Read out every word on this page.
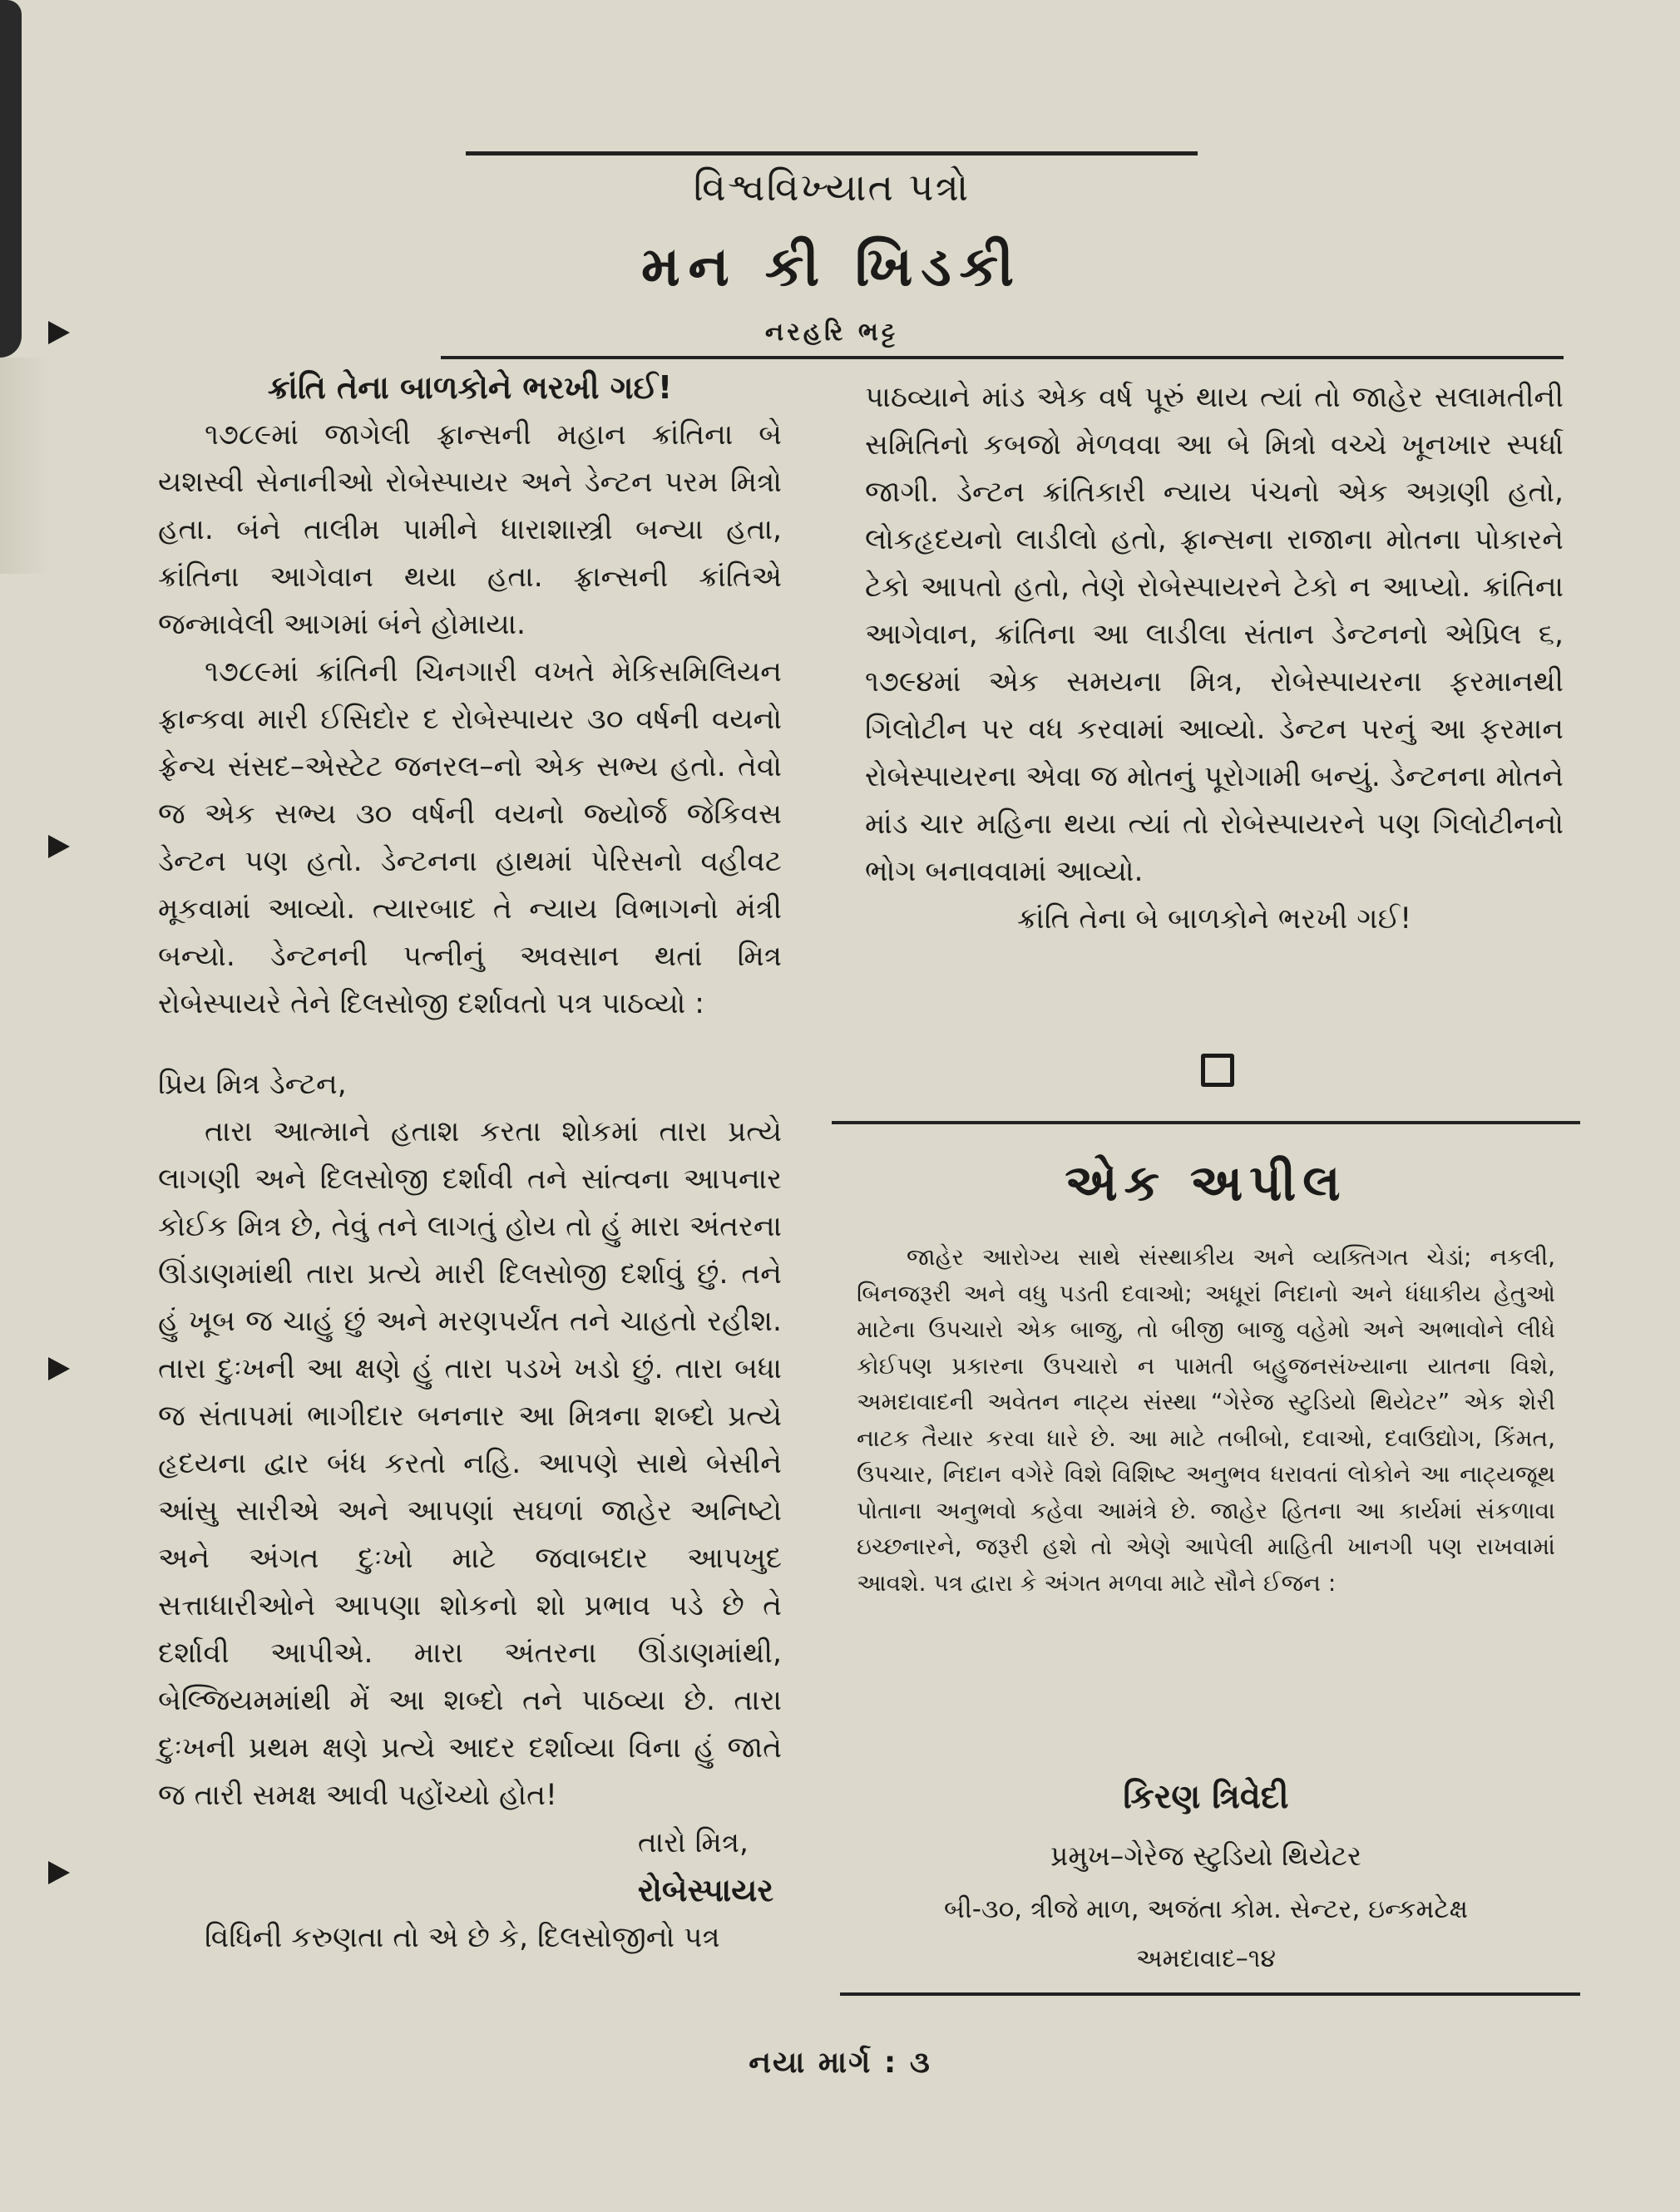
વિશ્વવિખ્યાત પત્રો
મન કી ખિડકી
નરહરિ ભટ્ટ

ક્રાંતિ તેના બાળકોને ભરખી ગઈ!

૧૭૮૯માં જાગેલી ફ્રાન્સની મહાન ક્રાંતિના બે યશસ્વી સેનાનીઓ રોબેસ્પાયર અને ડેન્ટન પરમ મિત્રો હતા. બંને તાલીમ પામીને ધારાશાસ્ત્રી બન્યા હતા, ક્રાંતિના આગેવાન થયા હતા. ફ્રાન્સની ક્રાંતિએ જન્માવેલી આગમાં બંને હોમાયા.

૧૭૮૯માં ક્રાંતિની ચિનગારી વખતે મેકિસમિલિયન ફ્રાન્કવા મારી ઈસિદોર દ રોબેસ્પાયર ૩૦ વર્ષની વયનો ફ્રેન્ચ સંસદ–એસ્ટેટ જનરલ–નો એક સભ્ય હતો. તેવો જ એક સભ્ય ૩૦ વર્ષની વયનો જ્યોર્જ જેકિવસ ડેન્ટન પણ હતો. ડેન્ટનના હાથમાં પેરિસનો વહીવટ મૂકવામાં આવ્યો. ત્યારબાદ તે ન્યાય વિભાગનો મંત્રી બન્યો. ડેન્ટનની પત્નીનું અવસાન થતાં મિત્ર રોબેસ્પાયરે તેને દિલસોજી દર્શાવતો પત્ર પાઠવ્યો :

પ્રિય મિત્ર ડેન્ટન,

તારા આત્માને હતાશ કરતા શોકમાં તારા પ્રત્યે લાગણી અને દિલસોજી દર્શાવી તને સાંત્વના આપનાર કોઈક મિત્ર છે, તેવું તને લાગતું હોય તો હું મારા અંતરના ઊંડાણમાંથી તારા પ્રત્યે મારી દિલસોજી દર્શાવું છું. તને હું ખૂબ જ ચાહું છું અને મરણપર્યંત તને ચાહતો રહીશ. તારા દુઃખની આ ક્ષણે હું તારા પડખે ખડો છું. તારા બધા જ સંતાપમાં ભાગીદાર બનનાર આ મિત્રના શબ્દો પ્રત્યે હૃદયના દ્વાર બંધ કરતો નહિ. આપણે સાથે બેસીને આંસુ સારીએ અને આપણાં સઘળાં જાહેર અનિષ્ટો અને અંગત દુઃખો માટે જવાબદાર આપખુદ સત્તાધારીઓને આપણા શોકનો શો પ્રભાવ પડે છે તે દર્શાવી આપીએ. મારા અંતરના ઊંડાણમાંથી, બેલ્જિયમમાંથી મેં આ શબ્દો તને પાઠવ્યા છે. તારા દુઃખની પ્રથમ ક્ષણે પ્રત્યે આદર દર્શાવ્યા વિના હું જાતે જ તારી સમક્ષ આવી પહોંચ્યો હોત!

તારો મિત્ર,

રોબેસ્પાયર

વિધિની કરુણતા તો એ છે કે, દિલસોજીનો પત્ર

પાઠવ્યાને માંડ એક વર્ષ પૂરું થાય ત્યાં તો જાહેર સલામતીની સમિતિનો કબજો મેળવવા આ બે મિત્રો વચ્ચે ખૂનખાર સ્પર્ધા જાગી. ડેન્ટન ક્રાંતિકારી ન્યાય પંચનો એક અગ્રણી હતો, લોકહૃદયનો લાડીલો હતો, ફ્રાન્સના રાજાના મોતના પોકારને ટેકો આપતો હતો, તેણે રોબેસ્પાયરને ટેકો ન આપ્યો. ક્રાંતિના આગેવાન, ક્રાંતિના આ લાડીલા સંતાન ડેન્ટનનો એપ્રિલ ૬, ૧૭૯૪માં એક સમયના મિત્ર, રોબેસ્પાયરના ફરમાનથી ગિલોટીન પર વધ કરવામાં આવ્યો. ડેન્ટન પરનું આ ફરમાન રોબેસ્પાયરના એવા જ મોતનું પૂરોગામી બન્યું. ડેન્ટનના મોતને માંડ ચાર મહિના થયા ત્યાં તો રોબેસ્પાયરને પણ ગિલોટીનનો ભોગ બનાવવામાં આવ્યો.

ક્રાંતિ તેના બે બાળકોને ભરખી ગઈ!

એક અપીલ

જાહેર આરોગ્ય સાથે સંસ્થાકીય અને વ્યક્તિગત ચેડાં; નકલી, બિનજરૂરી અને વધુ પડતી દવાઓ; અધૂરાં નિદાનો અને ધંધાકીય હેતુઓ માટેના ઉપચારો એક બાજુ, તો બીજી બાજુ વહેમો અને અભાવોને લીધે કોઈપણ પ્રકારના ઉપચારો ન પામતી બહુજનસંખ્યાના યાતના વિશે, અમદાવાદની અવેતન નાટ્ય સંસ્થા “ગેરેજ સ્ટુડિયો થિયેટર” એક શેરી નાટક તૈયાર કરવા ધારે છે. આ માટે તબીબો, દવાઓ, દવાઉદ્યોગ, કિંમત, ઉપચાર, નિદાન વગેરે વિશે વિશિષ્ટ અનુભવ ધરાવતાં લોકોને આ નાટ્યજૂથ પોતાના અનુભવો કહેવા આમંત્રે છે. જાહેર હિતના આ કાર્યમાં સંકળાવા ઇચ્છનારને, જરૂરી હશે તો એણે આપેલી માહિતી ખાનગી પણ રાખવામાં આવશે. પત્ર દ્વારા કે અંગત મળવા માટે સૌને ઈજન :

કિરણ ત્રિવેદી
પ્રમુખ–ગેરેજ સ્ટુડિયો થિયેટર
બી-૩૦, ત્રીજે માળ, અજંતા કોમ. સેન્ટર, ઇન્કમટેક્ષ
અમદાવાદ–૧૪
નયા માર્ગ : ૩
